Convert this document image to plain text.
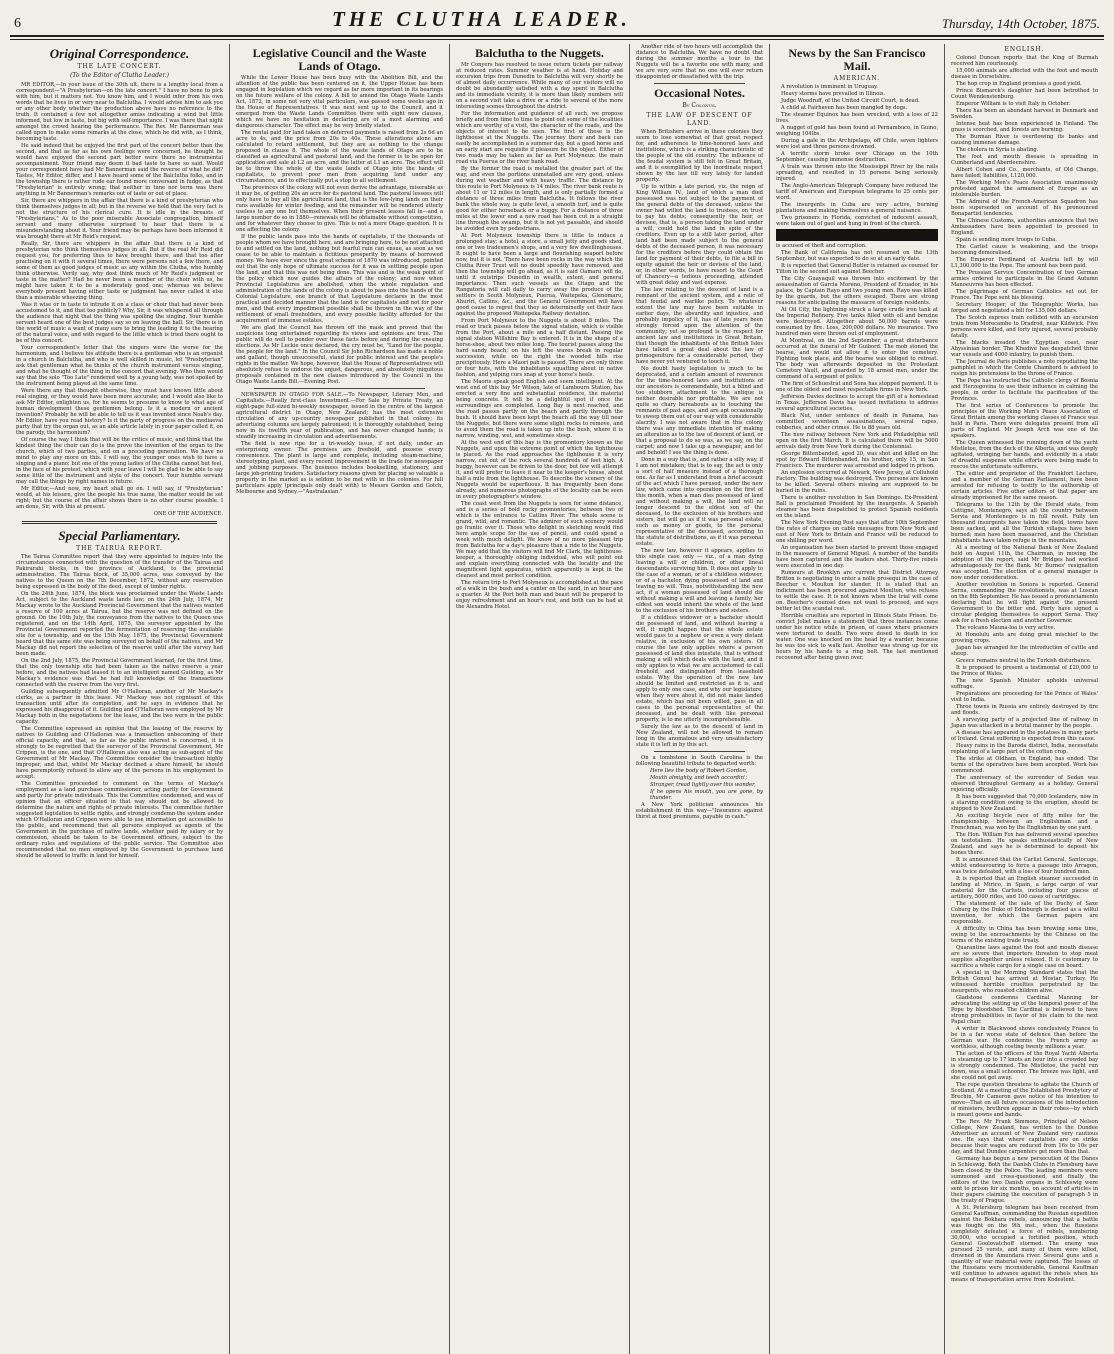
6	THE CLUTHA LEADER.	Thursday, 14th October, 1875.
Original Correspondence.
THE LATE CONCERT.
(To the Editor of Clutha Leader.)

MR EDITOR,—In your issue of the 30th ult. there is a lengthy local from a correspondent—"A Presbyterian—on the late concert." I have no bone to pick with him, but it matters not. You know him, and I would infer from his own words that he lives in or very near to Balclutha. I would advise him to ask you or any other body whether the production above have no reference to the truth. It contained a few not altogether amiss indicating a wind but little informed, but low in taste, but big with self-importance. I was there that night amongst the crowd hearing the performance. The Rev. Mr Bannerman was called upon to make some remarks at the close, which he did with, as I think, becoming taste.

He said indeed that he enjoyed the first part of the concert better than the second, and that as far as his own feelings were concerned, he thought he would have enjoyed the second part better were there no instrumental accompaniment. Your friend may deem it bad taste to have so said. Would your correspondent have had Mr Bannerman said the reverse of what he did? Tastes, Mr Editor, differ, and I have heard some of the Balclutha folks, and in the township there is rather rude ear found more conversant in fudge, as that "Presbyterian" is entirely wrong; that neither in tune nor term was there anything in Mr Bannerman's remarks out of taste or out of place.

Sir, there are whippers in the affair that there is a kind of presbyterian who think themselves judges in all; but in the reverse we hold that the very fact is not the structure of his clerical cure. It is idle in the breasts of "Presbyterians." As to the poor miserable Associate congregation, himself servant and many otherwise surprised to hear that there is a misunderstanding about it. Your friend may be perhaps have been informed it was brought there at Mr Reid's request.

Really, Sir, there are whippers in the affair that there is a kind of presbyterian who think themselves judges in all. But if the real Mr Reid did request you, for preferring thus to have brought there, and that too after practising on it with it several times, there were persons not a few there, and some of them as good judges of music as any within the Clutha, who humbly think otherwise. Verily say, why dost think much of Mr Reid's judgment or taste in the matter? Had he never been a member of the choir with us, he might have taken it to be a moderately good one; whereas we believe everybody present having either taste or judgment has never called it else than a miserable wheezing thing.

Was it wise or in taste to intrude it on a class or choir that had never been accustomed to it, and that too publicly? Why, Sir, it was whispered all through the audience that night that the thing was spoiling the singing. Your humble servant heard one of the best judges say so on leaving the hall. Sir, there is in the world of music a want of many ears to bring the leading it to the hearing of the natural voice, and with regard to the little which is tried there ought to be of this concert.

Your correspondent's letter that the singers were the worse for the harmonium, and I believe his attitude there is a gentleman who is an organist in a church in Balclutha, and who is well skilled in music, let "Presbyterian" ask that gentleman what he thinks of the church instrument versus singing, and what he thought of the thing in the concert that evening. Who then would say that the solo "Too Late" rendered well by a young lady, was not spoiled by the instrument being played at the same time.

Were there any that thought otherwise, they must have known little about real singing, or they would have been more accurate; and I would also like to ask Mr Editor, enlighten us, for he seems to presume to know to what age of human development these gentlemen belong. Is it a modern or ancient invention? Probably he will be able to tell us it was invented since Noah's day. Mr Editor, have you read history? Is it the party of progress on the mediaeval party that try the organ out, as an able article lately in your paper called it, on the parody, the harmonium?

Of course the way I think that will be the critics of music, and think that the kindest thing the choir can do is the prove the invention of the organ to the church, which of two parties, and on a preceding generation. We have no mind to play any more on this. I will say, the younger ones wish to have a singing and a piano; but one of the young ladies of the Clutha cannot but feel, in the face of his protest, which with your leave I will be glad to be able to say some little of the instrument and style of the concert. Your humble servant may call the things by right names in future.

Mr Editor,—And now, my heart shall go on. I will say, if "Presbyterian" would, at his leisure, give the people his true name, the matter would be set right; but the course of the affair shows there is no other course possible. I am done, Sir, with this at present.

ONE OF THE AUDIENCE.
Special Parliamentary.
THE TAIRUA REPORT.

The Tairua Committee report that they were appointed to inquire into the circumstances connected with the question of the transfer of the Tairua and Pakirarahi blocks, in the province of Auckland, to the provincial administration. The Tairua block, of 35,000 acres, was conveyed by the natives to the Queen on the 7th December, 1872, without any reservation being expressed in the body of the deed, except of timber rights.

On the 24th June, 1874, the block was proclaimed under the Waste Lands Act, subject to the Auckland waste lands law; on the 24th July, 1874, Mr Mackay wrote to the Auckland Provincial Government that the natives wanted a reserve of 100 acres at Tairua, but the reserve was not defined on the ground. On the 10th July, the conveyance from the natives to the Queen was registered, and on the 14th April, 1875, the surveyor appointed by the Provincial Government reported the fermentation of reserving the available site for a township, and on the 15th May, 1875, the Provincial Government heard that this same site was being surveyed on behalf of the natives, and Mr Mackay did not report the selection of the reserve until after the survey had been made.

On the 2nd July, 1875, the Provincial Government learned, for the first time, that the only township site had been taken as the native reserve a year before, and the natives had leased it to an intelligent named Guilding, as Mr Mackay's evidence was that he had full knowledge of the transactions connected with the reserve from the very first.

Guilding subsequently admitted Mr O'Halloran, another of Mr Mackay's clerks, as a partner in this lease. Mr Mackay was not cognisant of this transaction until after its completion, and he says in evidence that he expressed his disapproval of it. Guilding and O'Halloran were employed by Mr Mackay both in the negotiations for the lease, and the two were in the public capacity.

The Committee expressed an opinion that the leasing of the reserve by natives to Guilding and O'Halloran was a transaction unbecoming of their official capacity, and that, so far as the public interest is concerned, it is strongly to be regretted that the surveyor of the Provincial Government, Mr Crippen, is the one, and that O'Halloran also was acting as sub-agent of the Government of Mr Mackay. The Committee consider the transaction highly improper, and that, whilst Mr Mackay declined a share himself, he should have peremptorily refused to allow any of the persons in his employment to accept.

The Committee proceeded to comment on the terms of Mackay's employment as a land purchase commissioner, acting partly for Government and partly for private individuals. This the Committee condemned, and was of opinion that an officer situated in that way should not be allowed to determine the nature and rights of private interests. The committee further suggested legislation to settle rights, and strongly condemn the system under which O'Halloran and Crippen were able to use information got accessible to the public, and recommend that all persons employed as agents of the Government in the purchase of native lands, whether paid by salary or by commission, should be taken to be Government officers, subject to the ordinary rules and regulations of the public service. The Committee also recommended that no men employed by the Government to purchase land should be allowed to traffic in land for himself.

Legislative Council and the Waste Lands of Otago.

While the Lower House has been busy with the Abolition Bill, and the attention of the public has been centered on it, the Upper House has been engaged in legislation which we regard as far more important in its bearings on the future welfare of the colony. A bill to amend the Otago Waste Lands Act, 1872, in some not very vital particulars, was passed some weeks ago in the House of Representatives. It was next sent up to the Council, and it emerged from the Waste Lands Committee there with eight new clauses, which we have no hesitation in declaring are of a most alarming and dangerous character. The effect may be very briefly stated.

The rental paid for land taken on deferred payments is raised from 2s 6d an acre to 4s, and the price from 20s to 40s. These alterations alone are calculated to retard settlement, but they are as nothing to the change proposed in clause 8. The whole of the waste lands of Otago are to be classified as agricultural and pastoral land, and the former is to be open for application and sale at L2 an acre, and the latter at L1 an acre. The effect will be to throw the whole of the waste lands of Otago into the hands of capitalists, to prevent poor men from acquiring land under any circumstances, and to effectually put a stop to all settlement.

The provinces of the colony will not even derive the advantage, miserable as it may be, of getting 20s an acre for its pastoral land. The pastoral lessees will only have to buy all the agricultural land, that is the low-lying lands on their runs available for winter feeding, and the remainder will be rendered utterly useless to any one but themselves. When their present leases fall in—and a large number do so in 1880—renewals will be obtainable without competition, and for whatever they choose to give. This is not a mere Otago question. It is one affecting the colony.

If the public lands pass into the hands of capitalists, if the thousands of people whom we have brought here, and are bringing here, to be not attached to and settled on the land, nothing but fearful ruin can ensue, as soon as we cease to be able to maintain a fictitious prosperity by means of borrowed money. We have ever since the great scheme of 1870 was introduced, pointed out that the only hope of ultimate success for it was in settling people upon the land, and that this was not being done. This was and is the weak point of the policy which now guides the affairs of the colony; and now when Provincial Legislatures are abolished, when the whole regulation and administration of the lands of the colony is about to pass into the hands of the Colonial Legislature, one branch of that Legislature declares in the most practical and decided manner that the land is for capitalists and not for poor men, and that every impediment possible shall be thrown in the way of the settlement of small freeholders, and every possible facility afforded for the acquirement of immense estates.

We are glad the Council has thrown off the mask and proved that the suspicions long entertained regarding its views and opinions are true. The public will do well to ponder over these facts before and during the ensuing elections. As Mr Luckie once declared, the cry must be, "Land for the people, the people for the land." In the Council Sir John Richardson has made a noble and gallant, though unsuccessful, stand for public interest and the people's rights in the matter. We hope, however, that the House of Representatives will absolutely refuse to endorse the unjust, dangerous, and absolutely iniquitous proposals contained in the new clauses introduced by the Council in the Otago Waste Lands Bill.—Evening Post.

NEWSPAPER IN OTAGO FOR SALE.—To Newspaper, Literary Men, and Capitalists.—Really first-class Investment.—For Sale by Private Treaty, an eight-page full-sized bi-weekly newspaper, issued in the centre of the largest agricultural district in Otago, New Zealand; has the most extensive circulation of any up-country newspaper published in that colony; its advertising columns are largely patronised; it is thoroughly established, being now in its twelfth year of publication, and has never changed hands; is steadily increasing in circulation and advertisements.

The field is now ripe for a tri-weekly issue, if not daily, under an enterprising owner. The premises are freehold, and possess every convenience. The plant is large and complete, including steam-machine, stereotyping plant, and every recent improvement in the trade for newspaper and jobbing purposes. The business includes bookselling, stationery, and large job-printing traders. Satisfactory reasons given for placing so valuable a property in the market as is seldom to be met with in the colonies. For full particulars apply (principals only dealt with) to Messrs Gordon and Gotch, Melbourne and Sydney.—"Australasian."

Balclutha to the Nuggets.

Mr Conyers has resolved to issue return tickets per railway at reduced rates. Summer weather is at hand. Holiday and excursion trips from Dunedin to Balclutha will very shortly be of almost daily occurrence. While many of our visitors will no doubt be abundantly satisfied with a day spent in Balclutha and its immediate vicinity, it is more than likely numbers will on a second visit take a drive or a ride to several of the more interesting scenes throughout the district.

For the information and guidance of all such, we propose briefly and from time to time to point out some of the localities which are worthy of a visit, the character of the roads, and the objects of interest to be seen. The first of these is the lighthouse at the Nuggets. The journey there and back can easily be accomplished in a summer day, but a good horse and an early start are requisite if pleasure be the object. Either of two roads may be taken as far as Port Molyneux: the main road via Puerua or the river bank road.

By the former the road is metalled the greater part of the way, and even the portions unmetalled are very good, unless during wet weather and with heavy traffic. The distance by this route to Port Molyneux is 14 miles. The river bank route is about 11 or 12 miles in length, and is only partially formed a distance of three miles from Balclutha. It follows the river bank the whole way, is quite level, a smooth turf, and is quite good for either horseback or a buggy. For a distance of three miles at the lower end a new road has been cut in a straight line through the swamp, but it is not yet passable, and should be avoided even by pedestrians.

At Port Molyneux township there is little to induce a prolonged stay: a hotel, a store, a small jetty and goods shed, one or two tradesmen's shops, and a very few dwellinghouses. It ought to have been a large and flourishing seaport before now, but it is not. There have been rocks in the way which the Clutha River Trust will no doubt speedily have removed, and then the township will go ahead, as it is said Oamaru will do, until it outstrips Dunedin in wealth, extent, and general importance. Then such vessels as the Otago and the Rangatoria will call daily to carry away the produce of the settlers in South Molyneux, Puerua, Waitepeka, Glenomaru, Ahuriri, Catlins, &c., and the General Government will have good cause to regret that they so determinedly set their face against the proposed Waitepeka Railway deviation.

From Port Molyneux to the Nuggets is about 8 miles. The road or track passes below the signal station, which is visible from the Port, about a mile and a half distant. Passing the signal station Willshire Bay is entered. It is in the shape of a horse-shoe, about two miles long. The tourist passes along the hard sandy beach; on his left the waves break in regular succession, while on the right the wooded hills rise precipitously. Here a Maori pah is passed. There are only three or four huts, with the inhabitants squatting about in native fashion, and yelping curs snap at your horse's heels.

The Maoris speak good English and seem intelligent. At the west end of this bay Mr Wilson, late of Lambourn Station, has erected a very fine and substantial residence, the material being concrete. It will be a delightful spot if once the surroundings are completed. Long Bay is next reached, and the road passes partly on the beach and partly through the bush. It should have been kept the beach all the way till near the Nuggets, but there were some slight rocks to remove, and to avoid them the road is taken up into the bush, where it is narrow, winding, wet, and sometimes steep.

At the west end of this bay is the promontory known as the Nuggets, and upon the extreme point of which the lighthouse is placed. As the road approaches the lighthouse it is very narrow, cut out of the rock several hundreds of feet high. A buggy, however can be driven to the door, but few will attempt it, and will prefer to leave it near to the keeper's house, about half a mile from the lighthouse. To describe the scenery of the Nuggets would be superfluous. It has frequently been done already, and numerous photographs of the locality can be seen in every photographer's window.

The coast west from the Nuggets is seen for some distance, and is a series of bold rocky promontories, between two of which is the entrance to Catlins River. The whole scene is grand, wild, and romantic. The admirer of such scenery would go frantic over it. Those who delight in sketching would find here ample scope for the use of pencil, and could spend a week with much delight. We know of no more pleasant trip from Balclutha for a day's pleasure than a ride to the Nuggets. We may add that the visitors will find Mr Clark, the lighthouse-keeper, a thoroughly obliging individual, who will point out and explain everything connected with the locality and the magnificent light apparatus, which apparently is kept in the cleanest and most perfect condition.

The return trip to Port Molyneux is accomplished at the pace of a walk in the bush and a canter on the sand, in an hour and a quarter. At the Port both man and beast will be prepared to enjoy refreshment and an hour's rest, and both can be had at the Alexandra Hotel.

Another ride of two hours will accomplish the distance to Balclutha. We have no doubt that during the summer months a tour to the Nuggets will be a favorite one with many, and we are very sure that no one will ever return disappointed or dissatisfied with the trip.

Occasional Notes.
By Colonus.
THE LAW OF DESCENT OF LAND.

When Britishers arrive in these colonies they seem to lose somewhat of that great respect for, and adherence to time-honored laws and institutions, which is a striking characteristic of the people of the old country. The influence of the feudal system is still felt in Great Britain, and it is exemplified by the inordinate respect shown by the law till very lately for landed property.

Up to within a late period, viz. the reign of King William IV., land of which a man died possessed was not subject to the payment of the general debts of the deceased, unless the owner had willed the land to trustees, on trust to pay his debts; consequently the heir, or devisee, that is, a person taking the land under a will, could hold the land in spite of the creditors. Even up to a still later period, after land had been made subject to the general debts of the deceased person, it was necessary for the creditors before they could obtain the land for payment of their debts, to file a bill in equity against the heir or devisee of the land, or, in other words, to have resort to the Court of Chancery—a tedious proceeding, attended with great delay and vast expense.

The law relating to the descent of land is a remnant of the ancient system, and a relic of that feudal and warlike policy. To whatever extent the law may have been suitable in earlier days, the absurdity and injustice, and probably impolicy of it, has of late years been strongly forced upon the attention of the community; yet so profound is the respect for ancient law and institutions in Great Britain, that though the inhabitants of the British Isles have talked a great deal about the law of primogeniture for a considerable period, they have never yet ventured to touch it.

No doubt hasty legislation is much to be deprecated, and a certain amount of reverence for the time-honored laws and institutions of our ancestors is commendable, but a blind and too stubborn attachment to the antique is neither desirable nor profitable. We are not quite so chary hereabouts as to touching the remnants of past ages, and are apt occasionally to sweep them out of our way with considerable alacrity. I was not aware that in this colony there was any immediate intention of making an alteration as to the law of descent of land, or that a proposal to do so was, as we say, on the carpet; and now I take up a newspaper, and lo! and behold! I see the thing is done.

Done in a way that is, and rather a silly way, if I am not mistaken; that is to say, the act is only a sort of half measure instead of a thorough one. As far as I understand from a brief account of the act which I have perused, under the new law, which came into operation on the first of this month, when a man dies possessed of land and without making a will, the land will no longer descend to the eldest son of the deceased, to the exclusion of his brothers and sisters, but will go as if it was personal estate, such as money or goods, to the personal representative of the deceased, according to the statute of distributions, as if it was personal estate.

The new law, however it appears, applies to this single case only — viz., of a man dying leaving a will or children, or other lineal descendants surviving him. It does not apply to the case of a woman, or of a childless widower, or of a bachelor, dying possessed of land and leaving no will. Thus, notwithstanding the new act, if a woman possessed of land should die without making a will and leaving a family, her eldest son would inherit the whole of the land to the exclusion of his brothers and sisters.

If a childless widower or a bachelor should die possessed of land, and without leaving a will, it might happen that the whole estate would pass to a nephew or even a very distant relative, in exclusion of his own sisters. Of course the law only applies where a person possessed of land dies intestate, that is without making a will which deals with the land, and it only applies to what we are accustomed to call freehold, and distinguished from leasehold estate. Why the operation of the new law should be limited and restricted as it is, and apply to only one case, and why our legislature, when they were about it, did not make landed estate, which has not been willed, pass in all cases to the personal representative of the deceased, and be dealt with like personal property, is to me utterly incomprehensible.

Surely the law as to the descent of land in New Zealand, will not be allowed to remain long in the anomalous and very unsatisfactory state it is left in by this act.

On a tombstone in South Carolina is the following beautiful tribute to departed worth:

Here lies the body of Robert Gordon,

Mouth almighty, and teeth accordin';

Stranger, tread lightly over this wonder,

If he opens his mouth, you are gone, by thunder.

A New York politician announces his establishment in this way—"Insurance against thirst at fixed premiums, payable in cash."

News by the San Francisco Mail.
AMERICAN.

A revolution is imminent in Uruguay.

Heavy storms have prevailed in Illinois.

Judge Woodruff, of the United Circuit Court, is dead.

A child at Fairhaven has been mangled by dogs.

The steamer Equinox has been wrecked, with a loss of 22 lives.

A nugget of gold has been found at Pernambuco, in Guino, weighing 104lbs.

During a gale in the Archipelago, off Chile, seven lighters were lost and three persons drowned.

A terrific storm broke over Chicago on the 10th September, causing immense destruction.

A train was thrown into the Mississippi River by the rails spreading, and resulted in 15 persons being seriously injured.

The Anglo-American Telegraph Company have reduced the tariff of American and European telegrams to 25 cents per word.

The insurgents in Cuba are very active, burning plantations and making themselves a general nuisance.

Two prisoners in Florida, convicted of indecent assault, were taken out of gaol and hung in front of the church.

is accused of theft and corruption.

The Bank of California has not resumed on the 13th September, but was expected to do so at an early date.

It is reported that General Butler is retained as counsel for Tilton in the second suit against Beecher.

The City Guayaquil was thrown into excitement by the assassination of Garcia Moreno, President of Ecuador, in his palace, by Captain Rayo and two young men. Rayo was killed by the guards, but the others escaped. There are strong reasons for anticipating the massacre of foreign residents.

At Oil City, the lightning struck a large crude iron tank at the Imperial Refinery. Five tanks filled with oil and benzine were destroyed. Altogether about 50,000 barrels were consumed by fire. Loss, 200,000 dollars. No insurance. Two hundred men were thrown out of employment.

At Montreal, on the 2nd September, a great disturbance occurred at the funeral of Mr Guibord. The mob stoned the hearse, and would not allow it to enter the cemetery. Fighting took place, and the hearse was obliged to retreat. The body was afterwards deposited in the Protestant Cemetery Vault, and guarded by 18 armed men, under the command of a sergeant of police.

The firm of Schuestrat and Sons has stopped payment. It is one of the oldest and most respectable firms in New York.

Jefferson Davies declines to accept the gift of a homestead in Texas. Jefferson Davis has issued invitations to address several agricultural societies.

Black Nut, under sentence of death in Panama, has committed seventeen assassinations, several rapes, robberies, and other crimes. He is 88 years old.

The new railway between New York and Philadelphia will open on the first March. It is calculated there will be 5000 arrivals daily from New York during the Centennial.

George Bittenbanded, aged 20, was shot and killed on the spot by Edward Bittenbanded, his brother, only 15, in San Francisco. The murderer was arrested and lodged in prison.

An explosion occurred at Newark, New Jersey, at Colluhold Factory. The building was destroyed. Two persons are known to be killed. Several others missing are supposed to be buried in the ruins.

There is another revolution in San Domingo. Ex-President Ball is proclaimed President by the insurgents. A Spanish steamer has been despatched to protect Spanish residents on the island.

The New York Evening Post says that after 10th September the rates of charges on cable messages from New York and east of New York to Britain and France will be reduced to one shilling per word.

An organisation has been started to prevent those engaged in the massacre of General Miguel. A number of the bandits have been captured and the leaders shot. Thirty-five rebels were executed in one day.

Rumours at Brooklyn are current that District Attorney Britton is negotiating to enter a nolle prosequi in the case of Beecher v. Moulton for slander. It is stated that an indictment has been procured against Moulton, who refuses to settle the case. It is not known when the trial will come on. Beecher's counsel does not want to proceed, and says better let the scandal rest.

Horrible cruelties are reported in Illinois State Prison. Ex-convict Joliet makes a statement that three instances come under his notice while in prison, of cases where prisoners were tortured to death. Two were dosed to death in ice water. One was knocked on the head by a warder, because he was too sick to walk fast. Another was strung up for six hours by his hands to a ring bolt. The last mentioned recovered after being given over.

ENGLISH.

Colonel Duncan reports that the King of Burmah received him courteously.

15,000 animals are affected with the foot and mouth disease in Dorsetshire.

The hop crop in England promises a good yield.

Prince Bismarck's daughter had been betrothed to Count Wendenstenburg.

Emperor William is to visit Italy in October.

There has been an abundant harvest in Denmark and Sweden.

Intense heat has been experienced in Finland. The grass is scorched, and forests are burning.

The Burman River is overflowing its banks and causing immense damage.

The cholera in Syria is abating.

The foot and mouth disease is spreading in Cumberland and Aberdeenshire.

Albert Cohen and Co., merchants, of Old Change, have failed; liabilities, L120,000.

The Working Men's Peace Association unanimously protested against the armament of Europe as an intolerable burden.

The Admiral of the French-American Squadron has been superseded on account of his pronounced Bonapartist tendencies.

The Chinese Customs, authorities announce that two Ambassadors have been appointed to proceed to England.

Spain is sending more troops to Cuba.

The Carlist cause is weakening, and the troops becoming demoralised.

The Emperor Ferdinand of Austria left by will L1,300,000 to the Pope. The amount has been paid.

The Prussian Service Concentration of two German armies ordered to participate in the Grand Autumn Manoeuvres has been effected.

The pilgrimage of German Catholics set out for France. The Pope sent his blessing.

Secretary Hooper, of the Telegraphic Works, has forged and negotiated a bill for 135,000 dollars.

The Scotch express train collided with an excursion train from Morecambe to Dradrod, near Kildwick. Five persons were killed, and forty injured, several probably fatally.

The blacks invaded the Egyptian coast, near Abyssinian border. The Khedive has despatched three war vessels and 4000 infantry, to punish them.

The Journal de Paris publishes a note repudiating the pamphlet in which the Comte Chambord is advised to resign his pretensions to the throne of France.

The Pope has instructed the Catholic clergy of Bosnia and Herzegovina to use their influence in calming the people, in order to facilitate the pacification of the Provinces.

The first series of Conferences to promote the principles of the Working Men's Peace Association of Great Britain among the working classes of France was held in Paris. There were delegates present from all parts of England. Mr Joseph Arch was one of the speakers.

The Queen witnessed the running down of the yacht Mistletoe, from the deck of the Alberta, and was deeply agitated, wringing her hands, and evidently in a state of dreadful suspense while efforts were being made to rescue the unfortunate sufferers.

The editor and proprietor of the Frankfort Lecture, and a member of the German Parliament, have been arrested for refusing to testify to the authorship of certain articles. Five other editors of that paper are already imprisoned for the same reason.

Telegrams to the 12th by the Herald state, from Cettigne, Montenegro, says all the country between Servia and Montenegro is in full revolt. Fully ten thousand insurgents have taken the field, towns have been sacked, and all the Turkish villages have been burned; men have been massacred, and the Christian inhabitants have taken refuge in the mountains.

At a meeting of the National Bank of New Zealand held on August 11th, the Chairman, in moving the adoption of the report, said Mr Bridges had worked advantageously for the Bank. Mr Burnes' resignation was accepted. The election of a general manager is now under consideration.

Another revolution in Sonora is reported. General Serna, commanding the revolutionists, was at Luscan on the 8th September. He has issued a pronunciamento declaring that he will fight against the present Government to the bitter end. Forty have signed a circular pledging themselves to support Serna. They ask for a fresh election and another Governor.

The volcano Mauna-loa is very active.

At Honolulu ants are doing great mischief to the growing crops.

Japan has arranged for the introduction of cattle and sheep.

Greece remains neutral in the Turkish disturbance.

It is proposed to present a testimonial of £20,000 to the Prince of Wales.

The new Spanish Minister upholds universal suffrage.

Preparations are proceeding for the Prince of Wales' visit to India.

Three towns in Russia are entirely destroyed by fire and floods.

A surveying party of a projected line of railway in Japan was attacked in a brutal manner by the people.

A disease has appeared in the potatoes in many parts of Ireland. Great suffering is expected from this cause.

Heavy rains in the Baroda district, India, necessitate replanting of a large part of the cotton crop.

The strike at Oldham, in England, has ended. The terms of the operatives have been accepted. Work has commenced.

The anniversary of the surrender of Sedan was observed throughout Germany as a holiday. General rejoicing officially.

It has been suggested that 70,000 Icelanders, now in a starving condition owing to the eruption, should be shipped to New Zealand.

An exciting bicycle race of fifty miles for the championship, between an Englishman and a Frenchman, was won by the Englishman by one yard.

The Hon. William Fox has delivered several speeches on teetotalism. He speaks enthusiastically of New Zealand, and says he is determined to deposit his bones there.

It is announced that the Carlist General, Santocuge, whilst endeavouring to force a passage into Arragon, was twice defeated, with a loss of four hundred men.

It is reported that an English steamer succeeded in landing at Mirico, in Spain, a large cargo of war material for the Carlists, including four pieces of artillery, 5000 rifles, and 100 cases of cartridges.

The statement of the sale of the Duchy of Saxe Coburg by the Duke of Edinburgh is denied as a wilful invention, for which the German papers are responsible.

A difficulty in China has been brewing some time, owing to the encroachments by the Chinese on the terms of the existing trade treaty.

Quarantine laws against the foot and mouth disease are so severe that importers threaten to stop meat supplies altogether unless relaxed. It is customary to sacrifice a whole cargo for a single case on board.

A special in the Morning Standard states that the British Consul has arrived at Mostar, Turkey. He witnessed horrible cruelties perpetrated by the insurgents, who roasted children alive.

Gladstone condemns Cardinal Manning for advocating the setting up of the temporal power of the Pope by bloodshed. The Cardinal is believed to have strong probabilities in favor of his claim to the next Papal chair.

A writer in Blackwood shows conclusively France to be in a far worse state of defence than before the German war. He condemns the French army as worthless, although costing twenty millions a year.

The action of the officers of the Royal Yacht Alberta in steaming up to 17 knots an hour into a crowded bay is strongly condemned. The Mistletoe, the yacht run down, was a small schooner. The breeze was light, and she could not get away.

The rope question threatens to agitate the Church of Scotland. At a meeting of the Established Presbytery of Brechin, Mr Cameron gave notice of his intention to move—That on all future occasions of the introduction of ministers, brethren appear in their robes—by which is meant gowns and bands.

The Rev. Mr Frank Simmons, Principal of Nelson College, New Zealand, has written to the Dundee Advertiser an account of New Zealand very cautious one. He says that where capitalists are on strike because their wages are reduced from 16s to 10s per day, and that Dundee carpenters get more than that.

Germany has begun a new persecution of the Danes in Schleswig. Both the Danish Clubs in Flensburg have been closed by the Police. The leading members were summoned and cross-questioned, and finally the editors of the two Danish organs in Schleswig were sent to prison for six months, on account of articles in their papers claiming the execution of paragraph 5 in the treaty of Prague.

A St. Petersburg telegram has been received from General Kauffman, commanding the Russian expedition against the Bokhara rebels, announcing that a battle was fought on the 9th inst., when the Russians completely defeated a force of rebels, numbering 30,000, who occupied a fortified position, which General Goolovatchoff stormed. The enemy was pursued 25 versts, and many of them were killed, drowned in the Amundara river. Several guns and a quantity of war material were captured. The losses of the Russians were inconsiderable. General Kauffman will continue to advance against the rebels when his means of transportation arrive from Kodestent.
